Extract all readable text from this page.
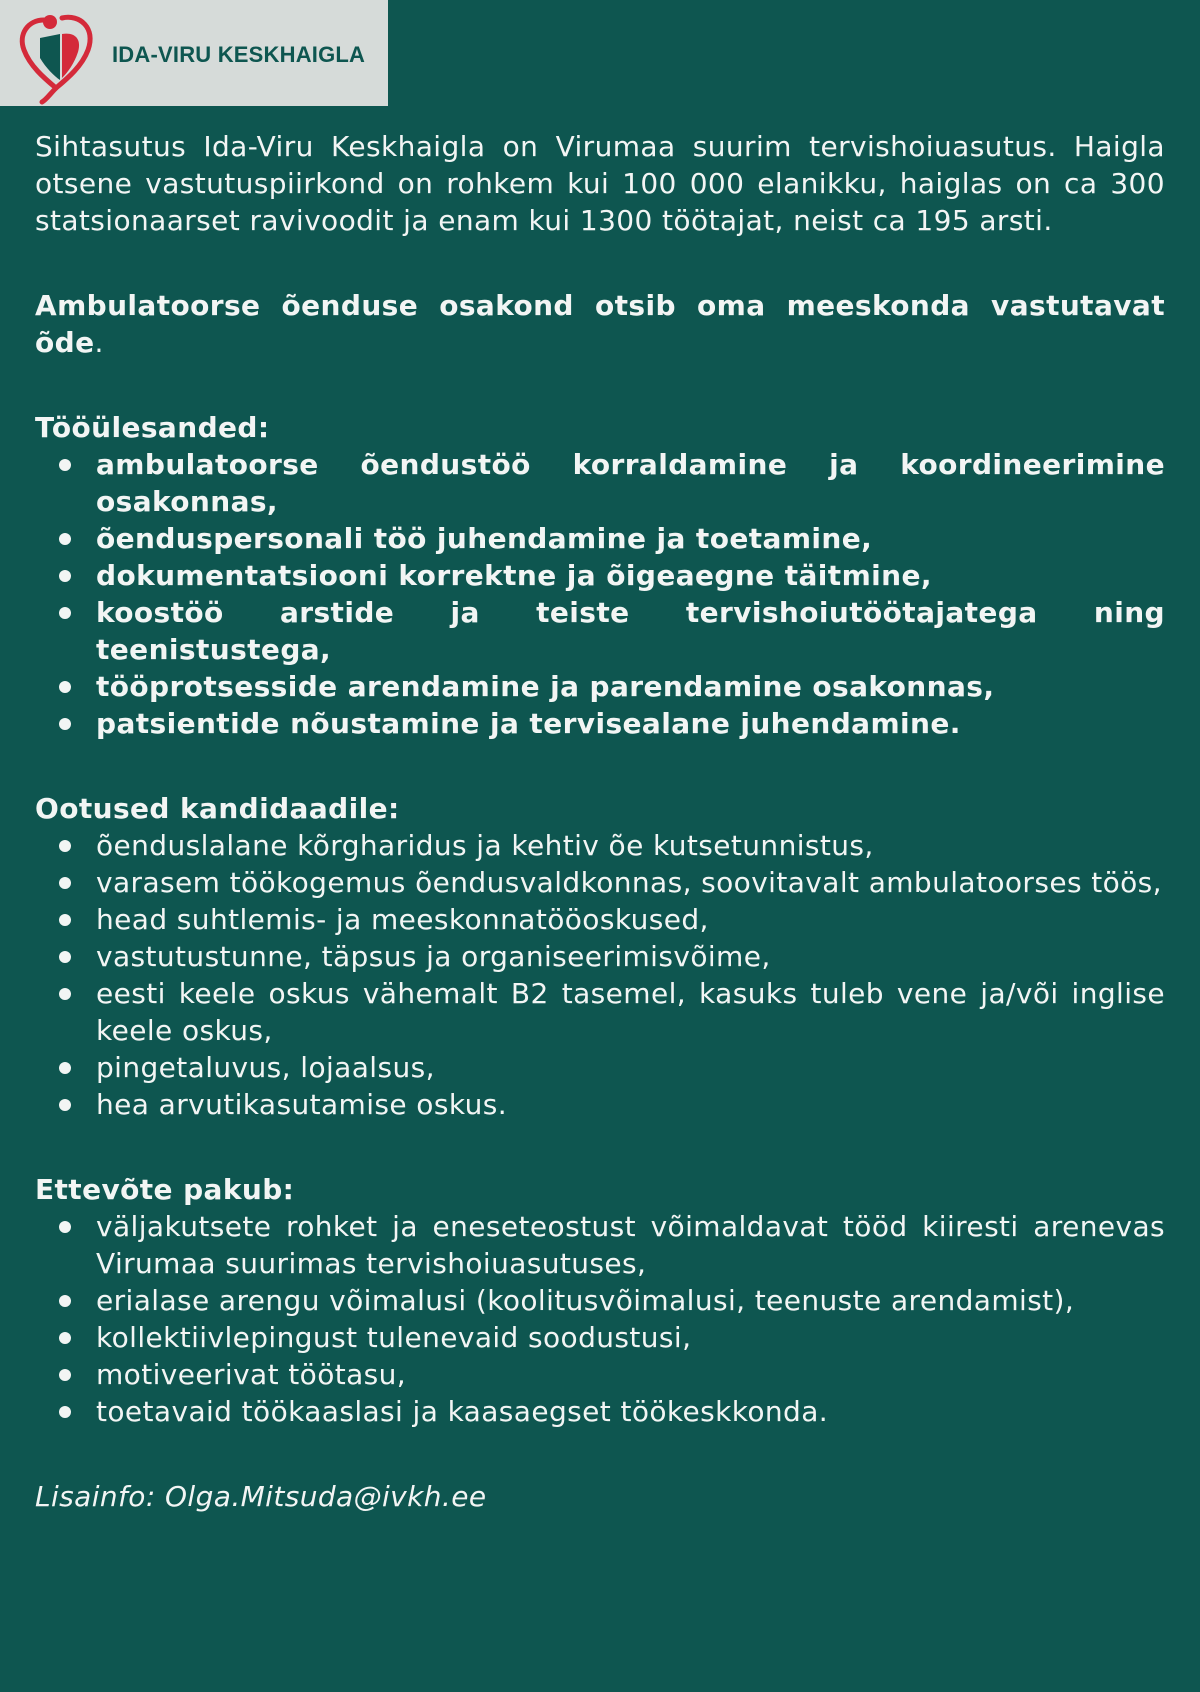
IDA-VIRU KESKHAIGLA

Sihtasutus Ida-Viru Keskhaigla on Virumaa suurim tervishoiuasutus. Haigla otsene vastutuspiirkond on rohkem kui 100 000 elanikku, haiglas on ca 300 statsionaarset ravivoodit ja enam kui 1300 töötajat, neist ca 195 arsti.

Ambulatoorse õenduse osakond otsib oma meeskonda vastutavat õde.

Tööülesanded:
ambulatoorse õendustöö korraldamine ja koordineerimine osakonnas,
õenduspersonali töö juhendamine ja toetamine,
dokumentatsiooni korrektne ja õigeaegne täitmine,
koostöö arstide ja teiste tervishoiutöötajatega ning teenistustega,
tööprotsesside arendamine ja parendamine osakonnas,
patsientide nõustamine ja tervisealane juhendamine.
Ootused kandidaadile:
õenduslalane kõrgharidus ja kehtiv õe kutsetunnistus,
varasem töökogemus õendusvaldkonnas, soovitavalt ambulatoorses töös,
head suhtlemis- ja meeskonnatööoskused,
vastutustunne, täpsus ja organiseerimisvõime,
eesti keele oskus vähemalt B2 tasemel, kasuks tuleb vene ja/või inglise keele oskus,
pingetaluvus, lojaalsus,
hea arvutikasutamise oskus.
Ettevõte pakub:
väljakutsete rohket ja eneseteostust võimaldavat tööd kiiresti arenevas Virumaa suurimas tervishoiuasutuses,
erialase arengu võimalusi (koolitusvõimalusi, teenuste arendamist),
kollektiivlepingust tulenevaid soodustusi,
motiveerivat töötasu,
toetavaid töökaaslasi ja kaasaegset töökeskkonda.
Lisainfo: Olga.Mitsuda@ivkh.ee
